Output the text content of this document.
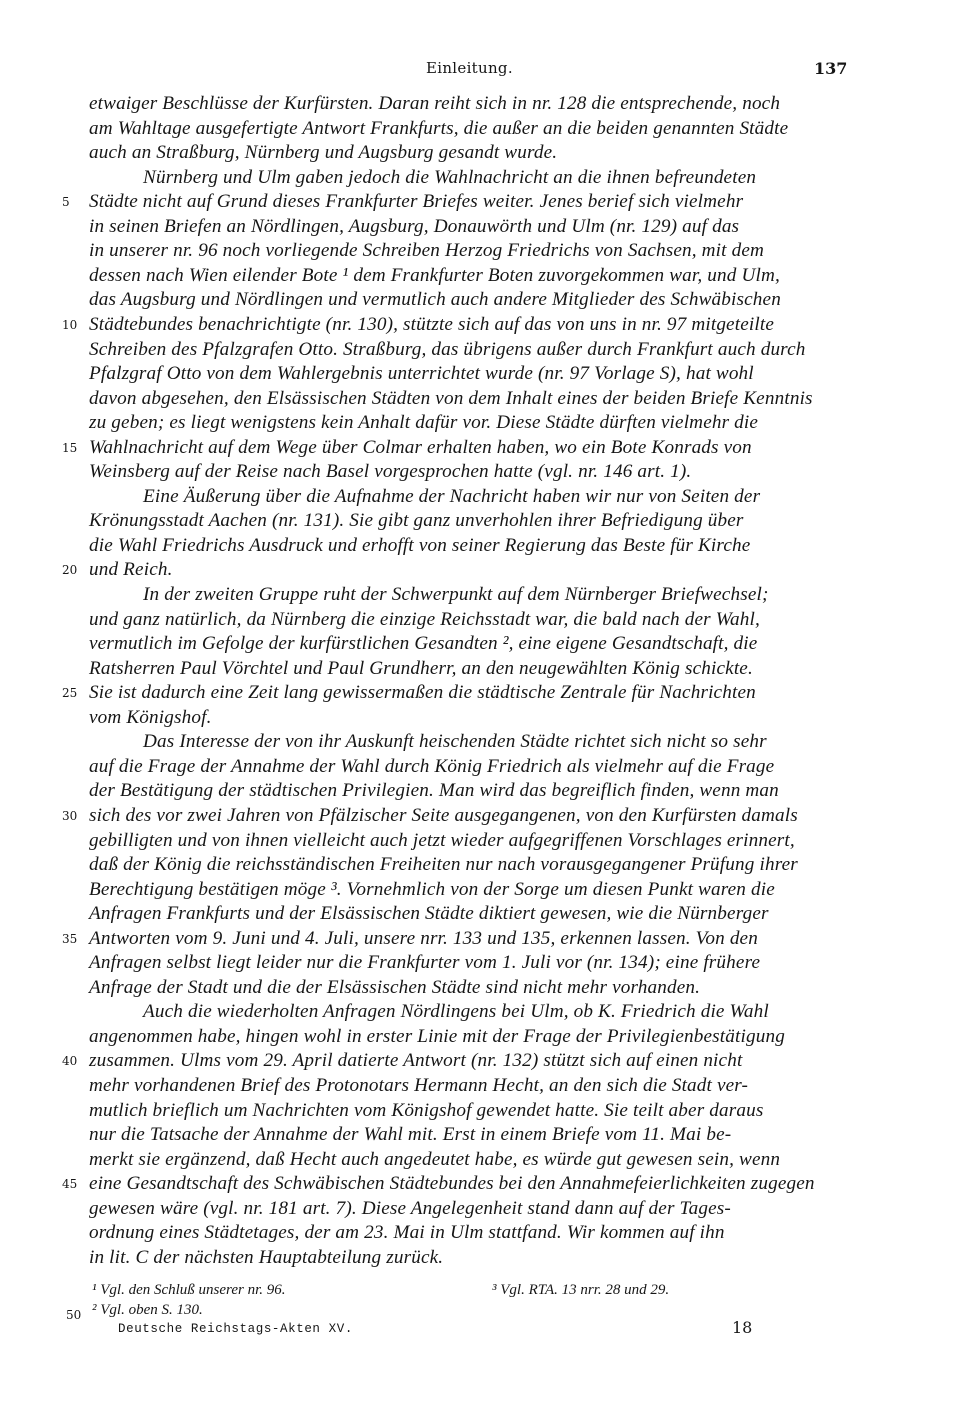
Einleitung.	137
etwaiger Beschlüsse der Kurfürsten. Daran reiht sich in nr. 128 die entsprechende, noch
am Wahltage ausgefertigte Antwort Frankfurts, die außer an die beiden genannten Städte
auch an Straßburg, Nürnberg und Augsburg gesandt wurde.
Nürnberg und Ulm gaben jedoch die Wahlnachricht an die ihnen befreundeten
5 Städte nicht auf Grund dieses Frankfurter Briefes weiter. Jenes berief sich vielmehr
in seinen Briefen an Nördlingen, Augsburg, Donauwörth und Ulm (nr. 129) auf das
in unserer nr. 96 noch vorliegende Schreiben Herzog Friedrichs von Sachsen, mit dem
dessen nach Wien eilender Bote ¹ dem Frankfurter Boten zuvorgekommen war, und Ulm,
das Augsburg und Nördlingen und vermutlich auch andere Mitglieder des Schwäbischen
10 Städtebundes benachrichtigte (nr. 130), stützte sich auf das von uns in nr. 97 mitgeteilte
Schreiben des Pfalzgrafen Otto. Straßburg, das übrigens außer durch Frankfurt auch durch
Pfalzgraf Otto von dem Wahlergebnis unterrichtet wurde (nr. 97 Vorlage S), hat wohl
davon abgesehen, den Elsässischen Städten von dem Inhalt eines der beiden Briefe Kenntnis
zu geben; es liegt wenigstens kein Anhalt dafür vor. Diese Städte dürften vielmehr die
15 Wahlnachricht auf dem Wege über Colmar erhalten haben, wo ein Bote Konrads von
Weinsberg auf der Reise nach Basel vorgesprochen hatte (vgl. nr. 146 art. 1).
Eine Äußerung über die Aufnahme der Nachricht haben wir nur von Seiten der
Krönungsstadt Aachen (nr. 131). Sie gibt ganz unverhohlen ihrer Befriedigung über
die Wahl Friedrichs Ausdruck und erhofft von seiner Regierung das Beste für Kirche
20 und Reich.
In der zweiten Gruppe ruht der Schwerpunkt auf dem Nürnberger Briefwechsel;
und ganz natürlich, da Nürnberg die einzige Reichsstadt war, die bald nach der Wahl,
vermutlich im Gefolge der kurfürstlichen Gesandten ², eine eigene Gesandtschaft, die
Ratsherren Paul Vörchtel und Paul Grundherr, an den neugewählten König schickte.
25 Sie ist dadurch eine Zeit lang gewissermaßen die städtische Zentrale für Nachrichten
vom Königshof.
Das Interesse der von ihr Auskunft heischenden Städte richtet sich nicht so sehr
auf die Frage der Annahme der Wahl durch König Friedrich als vielmehr auf die Frage
der Bestätigung der städtischen Privilegien. Man wird das begreiflich finden, wenn man
30 sich des vor zwei Jahren von Pfälzischer Seite ausgegangenen, von den Kurfürsten damals
gebilligten und von ihnen vielleicht auch jetzt wieder aufgegriffenen Vorschlages erinnert,
daß der König die reichsständischen Freiheiten nur nach vorausgegangener Prüfung ihrer
Berechtigung bestätigen möge ³. Vornehmlich von der Sorge um diesen Punkt waren die
Anfragen Frankfurts und der Elsässischen Städte diktiert gewesen, wie die Nürnberger
35 Antworten vom 9. Juni und 4. Juli, unsere nrr. 133 und 135, erkennen lassen. Von den
Anfragen selbst liegt leider nur die Frankfurter vom 1. Juli vor (nr. 134); eine frühere
Anfrage der Stadt und die der Elsässischen Städte sind nicht mehr vorhanden.
Auch die wiederholten Anfragen Nördlingens bei Ulm, ob K. Friedrich die Wahl
angenommen habe, hingen wohl in erster Linie mit der Frage der Privilegienbestätigung
40 zusammen. Ulms vom 29. April datierte Antwort (nr. 132) stützt sich auf einen nicht
mehr vorhandenen Brief des Protonotars Hermann Hecht, an den sich die Stadt ver-
mutlich brieflich um Nachrichten vom Königshof gewendet hatte. Sie teilt aber daraus
nur die Tatsache der Annahme der Wahl mit. Erst in einem Briefe vom 11. Mai be-
merkt sie ergänzend, daß Hecht auch angedeutet habe, es würde gut gewesen sein, wenn
45 eine Gesandtschaft des Schwäbischen Städtebundes bei den Annahmefeierlichkeiten zugegen
gewesen wäre (vgl. nr. 181 art. 7). Diese Angelegenheit stand dann auf der Tages-
ordnung eines Städtetages, der am 23. Mai in Ulm stattfand. Wir kommen auf ihn
in lit. C der nächsten Hauptabteilung zurück.
¹ Vgl. den Schluß unserer nr. 96.	³ Vgl. RTA. 13 nrr. 28 und 29.
50 ² Vgl. oben S. 130.
Deutsche Reichstags-Akten XV.	18
